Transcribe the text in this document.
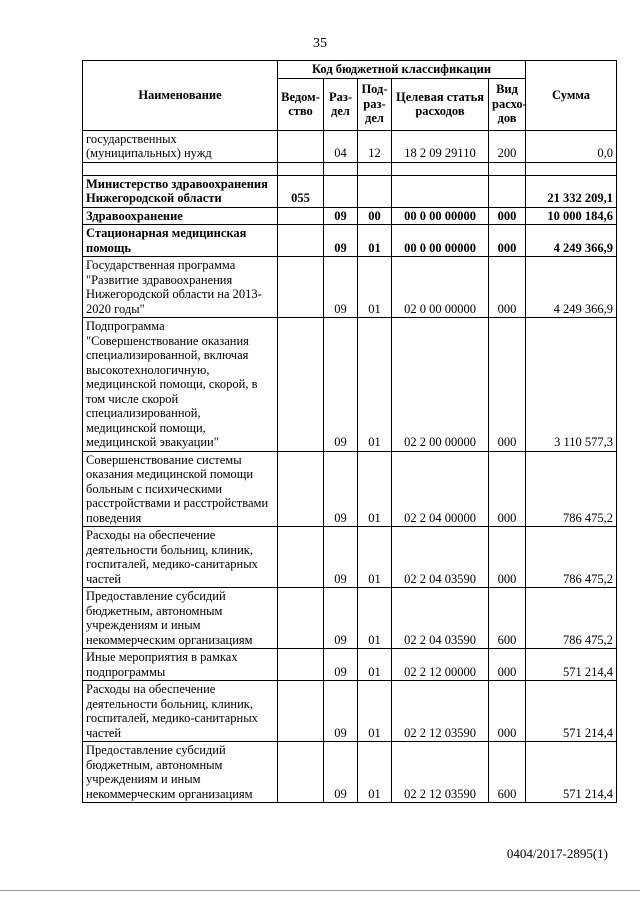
35
Наименование	Код бюджетной классификации					Сумма
	Ведом-ство	Раз-дел	Под-раз-дел	Целевая статья расходов	Вид расхо-дов	
государственных (муниципальных) нужд		04	12	18 2 09 29110	200	0,0

Министерство здравоохранения Нижегородской области	055					21 332 209,1
Здравоохранение		09	00	00 0 00 00000	000	10 000 184,6
Стационарная медицинская помощь		09	01	00 0 00 00000	000	4 249 366,9
Государственная программа "Развитие здравоохранения Нижегородской области на 2013-2020 годы"		09	01	02 0 00 00000	000	4 249 366,9
Подпрограмма "Совершенствование оказания специализированной, включая высокотехнологичную, медицинской помощи, скорой, в том числе скорой специализированной, медицинской помощи, медицинской эвакуации"		09	01	02 2 00 00000	000	3 110 577,3
Совершенствование системы оказания медицинской помощи больным с психическими расстройствами и расстройствами поведения		09	01	02 2 04 00000	000	786 475,2
Расходы на обеспечение деятельности больниц, клиник, госпиталей, медико-санитарных частей		09	01	02 2 04 03590	000	786 475,2
Предоставление субсидий бюджетным, автономным учреждениям и иным некоммерческим организациям		09	01	02 2 04 03590	600	786 475,2
Иные мероприятия в рамках подпрограммы		09	01	02 2 12 00000	000	571 214,4
Расходы на обеспечение деятельности больниц, клиник, госпиталей, медико-санитарных частей		09	01	02 2 12 03590	000	571 214,4
Предоставление субсидий бюджетным, автономным учреждениям и иным некоммерческим организациям		09	01	02 2 12 03590	600	571 214,4
0404/2017-2895(1)
